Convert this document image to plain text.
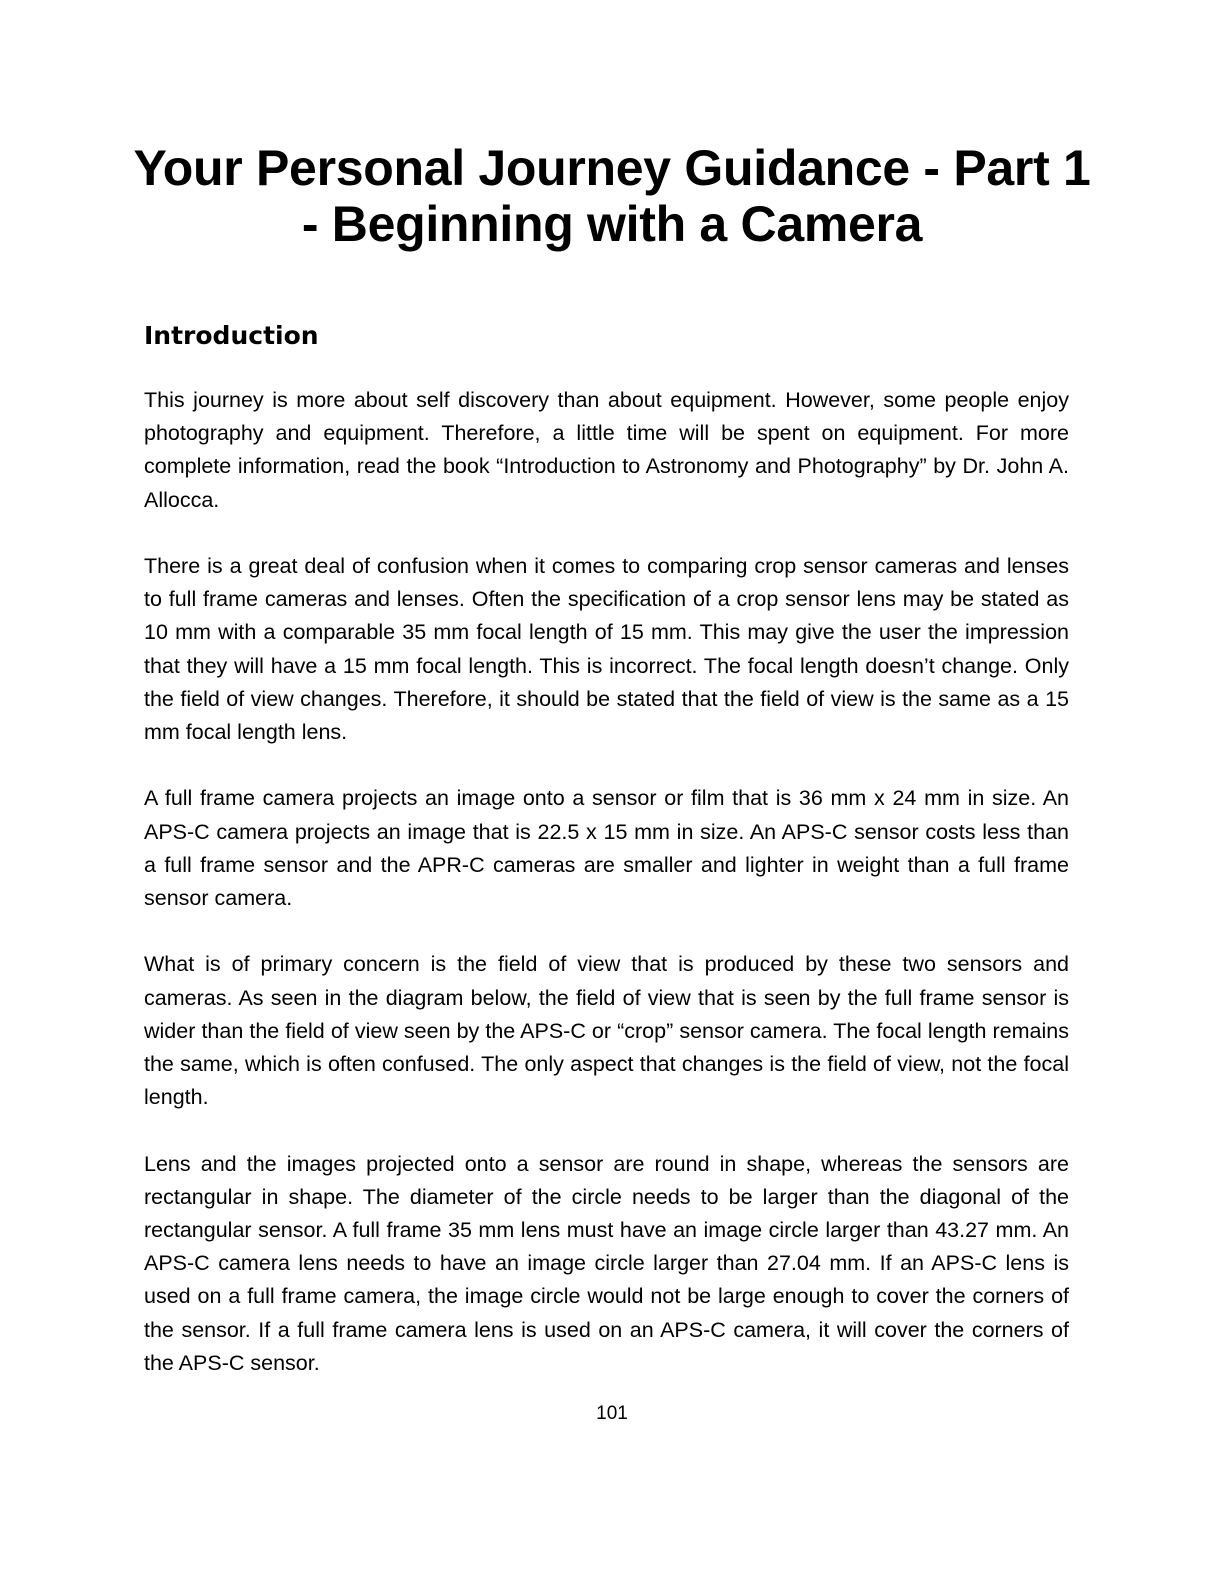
Your Personal Journey Guidance - Part 1
- Beginning with a Camera
Introduction

This journey is more about self discovery than about equipment. However, some people enjoy photography and equipment. Therefore, a little time will be spent on equipment. For more complete information, read the book “Introduction to Astronomy and Photography” by Dr. John A. Allocca.

There is a great deal of confusion when it comes to comparing crop sensor cameras and lenses to full frame cameras and lenses. Often the specification of a crop sensor lens may be stated as 10 mm with a comparable 35 mm focal length of 15 mm. This may give the user the impression that they will have a 15 mm focal length. This is incorrect. The focal length doesn’t change. Only the field of view changes. Therefore, it should be stated that the field of view is the same as a 15 mm focal length lens.

A full frame camera projects an image onto a sensor or film that is 36 mm x 24 mm in size. An APS-C camera projects an image that is 22.5 x 15 mm in size. An APS-C sensor costs less than a full frame sensor and the APR-C cameras are smaller and lighter in weight than a full frame sensor camera.

What is of primary concern is the field of view that is produced by these two sensors and cameras. As seen in the diagram below, the field of view that is seen by the full frame sensor is wider than the field of view seen by the APS-C or “crop” sensor camera. The focal length remains the same, which is often confused. The only aspect that changes is the field of view, not the focal length.

Lens and the images projected onto a sensor are round in shape, whereas the sensors are rectangular in shape. The diameter of the circle needs to be larger than the diagonal of the rectangular sensor. A full frame 35 mm lens must have an image circle larger than 43.27 mm. An APS-C camera lens needs to have an image circle larger than 27.04 mm. If an APS-C lens is used on a full frame camera, the image circle would not be large enough to cover the corners of the sensor. If a full frame camera lens is used on an APS-C camera, it will cover the corners of the APS-C sensor.

101
